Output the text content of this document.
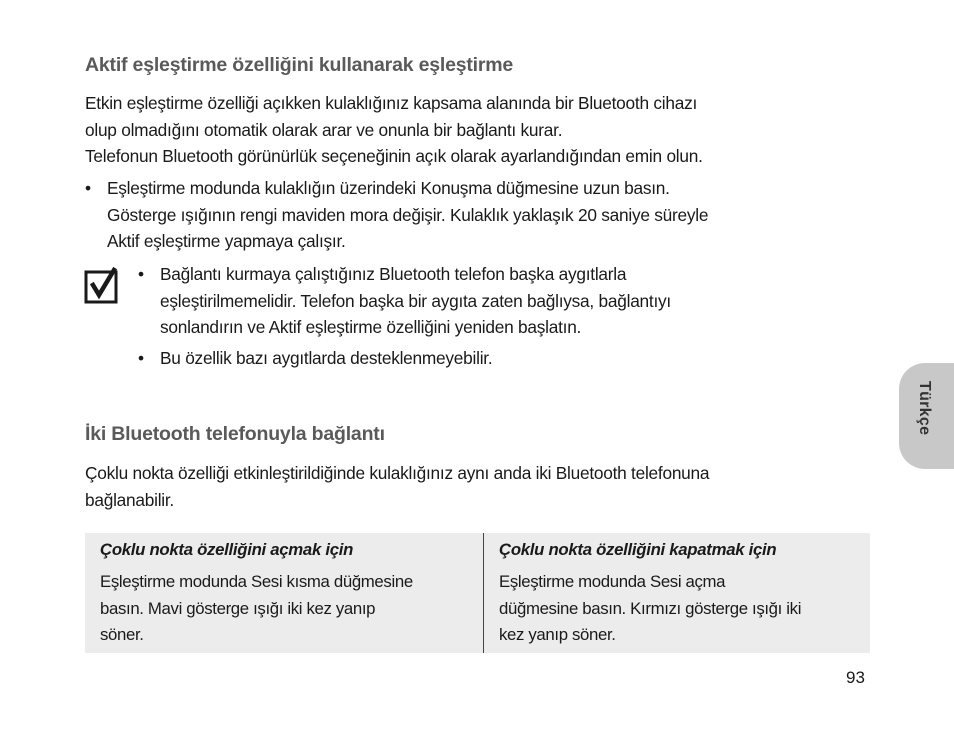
Aktif eşleştirme özelliğini kullanarak eşleştirme
Etkin eşleştirme özelliği açıkken kulaklığınız kapsama alanında bir Bluetooth cihazı
olup olmadığını otomatik olarak arar ve onunla bir bağlantı kurar.
Telefonun Bluetooth görünürlük seçeneğinin açık olarak ayarlandığından emin olun.
• Eşleştirme modunda kulaklığın üzerindeki Konuşma düğmesine uzun basın.
Gösterge ışığının rengi maviden mora değişir. Kulaklık yaklaşık 20 saniye süreyle
Aktif eşleştirme yapmaya çalışır.
• Bağlantı kurmaya çalıştığınız Bluetooth telefon başka aygıtlarla
eşleştirilmemelidir. Telefon başka bir aygıta zaten bağlıysa, bağlantıyı
sonlandırın ve Aktif eşleştirme özelliğini yeniden başlatın.
• Bu özellik bazı aygıtlarda desteklenmeyebilir.
İki Bluetooth telefonuyla bağlantı
Çoklu nokta özelliği etkinleştirildiğinde kulaklığınız aynı anda iki Bluetooth telefonuna
bağlanabilir.
Çoklu nokta özelliğini açmak için
Eşleştirme modunda Sesi kısma düğmesine
basın. Mavi gösterge ışığı iki kez yanıp
söner.
Çoklu nokta özelliğini kapatmak için
Eşleştirme modunda Sesi açma
düğmesine basın. Kırmızı gösterge ışığı iki
kez yanıp söner.
Türkçe
93
